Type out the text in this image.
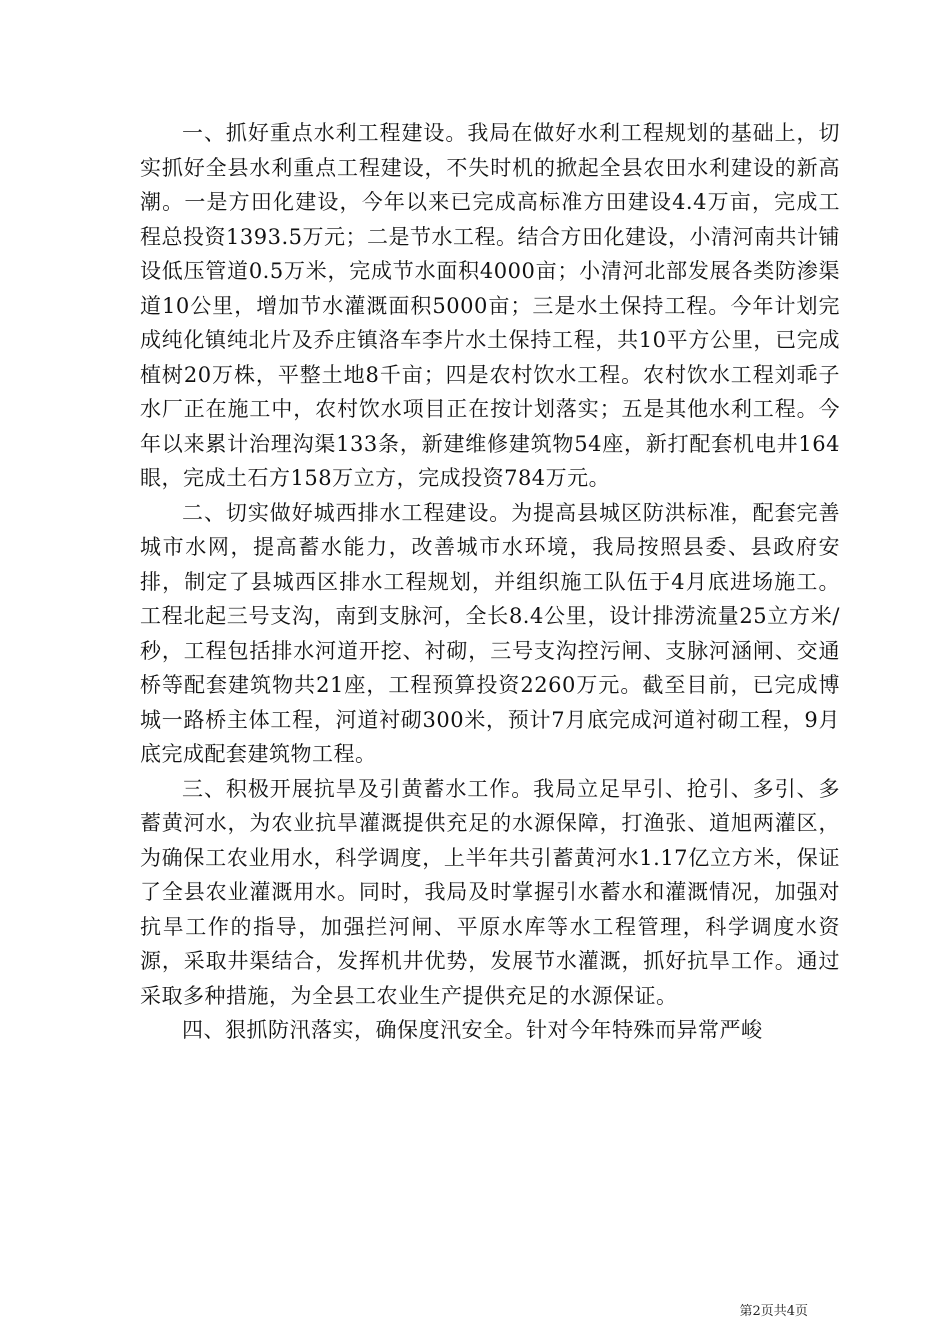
一、抓好重点水利工程建设。我局在做好水利工程规划的基础上，切实抓好全县水利重点工程建设，不失时机的掀起全县农田水利建设的新高潮。一是方田化建设，今年以来已完成高标准方田建设4.4万亩，完成工程总投资1393.5万元；二是节水工程。结合方田化建设，小清河南共计铺设低压管道0.5万米，完成节水面积4000亩；小清河北部发展各类防渗渠道10公里，增加节水灌溉面积5000亩；三是水土保持工程。今年计划完成纯化镇纯北片及乔庄镇洛车李片水土保持工程，共10平方公里，已完成植树20万株，平整土地8千亩；四是农村饮水工程。农村饮水工程刘乖子水厂正在施工中，农村饮水项目正在按计划落实；五是其他水利工程。今年以来累计治理沟渠133条，新建维修建筑物54座，新打配套机电井164眼，完成土石方158万立方，完成投资784万元。

二、切实做好城西排水工程建设。为提高县城区防洪标准，配套完善城市水网，提高蓄水能力，改善城市水环境，我局按照县委、县政府安排，制定了县城西区排水工程规划，并组织施工队伍于4月底进场施工。工程北起三号支沟，南到支脉河，全长8.4公里，设计排涝流量25立方米/秒，工程包括排水河道开挖、衬砌，三号支沟控污闸、支脉河涵闸、交通桥等配套建筑物共21座，工程预算投资2260万元。截至目前，已完成博城一路桥主体工程，河道衬砌300米，预计7月底完成河道衬砌工程，9月底完成配套建筑物工程。

三、积极开展抗旱及引黄蓄水工作。我局立足早引、抢引、多引、多蓄黄河水，为农业抗旱灌溉提供充足的水源保障，打渔张、道旭两灌区，为确保工农业用水，科学调度，上半年共引蓄黄河水1.17亿立方米，保证了全县农业灌溉用水。同时，我局及时掌握引水蓄水和灌溉情况，加强对抗旱工作的指导，加强拦河闸、平原水库等水工程管理，科学调度水资源，采取井渠结合，发挥机井优势，发展节水灌溉，抓好抗旱工作。通过采取多种措施，为全县工农业生产提供充足的水源保证。

四、狠抓防汛落实，确保度汛安全。针对今年特殊而异常严峻

第2页共4页
